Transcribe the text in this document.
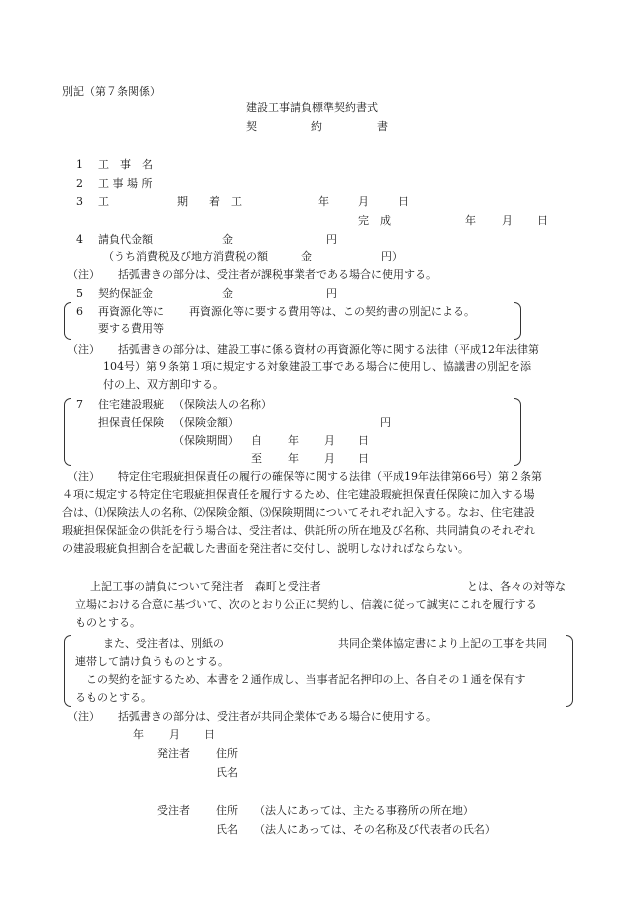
別記（第７条関係）
建設工事請負標準契約書式
契	約	書
1 工　事　名
2 工 事 場 所
3 工	期 着　工	年	月	日
完　成	年 月 日
4 請負代金額	金	円
（うち消費税及び地方消費税の額	金	円）
（注） 括弧書きの部分は、受注者が課税事業者である場合に使用する。
5 契約保証金	金	円
6 再資源化等に
要する費用等
再資源化等に要する費用等は、この契約書の別記による。
（注） 括弧書きの部分は、建設工事に係る資材の再資源化等に関する法律（平成12年法律第
104号）第９条第１項に規定する対象建設工事である場合に使用し、協議書の別記を添
付の上、双方割印する。
7 住宅建設瑕疵
担保責任保険
（保険法人の名称）
（保険金額）	円
（保険期間） 自 年 月 日
至 年 月 日
（注） 特定住宅瑕疵担保責任の履行の確保等に関する法律（平成19年法律第66号）第２条第
４項に規定する特定住宅瑕疵担保責任を履行するため、住宅建設瑕疵担保責任保険に加入する場
合は、⑴保険法人の名称、⑵保険金額、⑶保険期間についてそれぞれ記入する。なお、住宅建設
瑕疵担保保証金の供託を行う場合は、受注者は、供託所の所在地及び名称、共同請負のそれぞれ
の建設瑕疵負担割合を記載した書面を発注者に交付し、説明しなければならない。
上記工事の請負について発注者　森町と受注者	とは、各々の対等な
立場における合意に基づいて、次のとおり公正に契約し、信義に従って誠実にこれを履行する
ものとする。
また、受注者は、別紙の	共同企業体協定書により上記の工事を共同
連帯して請け負うものとする。
この契約を証するため、本書を２通作成し、当事者記名押印の上、各自その１通を保有す
るものとする。
（注） 括弧書きの部分は、受注者が共同企業体である場合に使用する。
年 月 日
発注者 住所
氏名
受注者 住所 （法人にあっては、主たる事務所の所在地）
氏名 （法人にあっては、その名称及び代表者の氏名）
